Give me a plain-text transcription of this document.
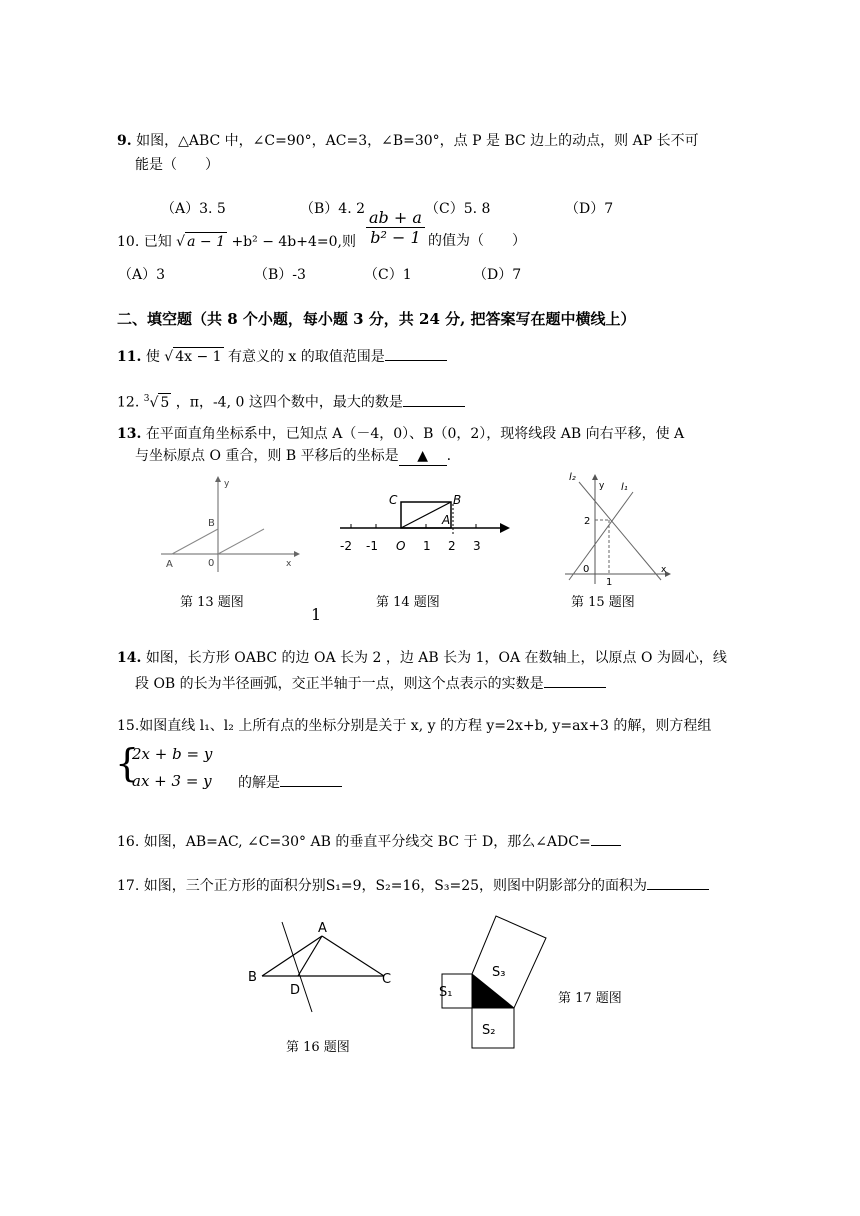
9. 如图，△ABC 中，∠C=90°，AC=3，∠B=30°，点 P 是 BC 边上的动点，则 AP 长不可
能是（　　）
（A）3. 5	（B）4. 2	（C）5. 8	（D）7
10. 已知 √ a − 1 +b² − 4b+4=0,则 $\frac{ab + a}{\text{b² − 1}}$ 的值为（　　）
（A）3	（B）-3	（C）1	（D）7
二、填空题（共 8 个小题，每小题 3 分，共 24 分, 把答案写在题中横线上）
11. 使 √ 4x − 1 有意义的 x 的取值范围是
12. $^3$√ 5 ，π，-4, 0 这四个数中，最大的数是
13. 在平面直角坐标系中，已知点 A（－4，0）、B（0，2），现将线段 AB 向右平移，使 A
与坐标原点 O 重合，则 B 平移后的坐标是 ▲ .
y
x
B
A	0
第 13 题图
1
C	B
A
-2 -1 O 1 2 3
第 14 题图
l₂
l₁
y
x
2
0
1
第 15 题图
14. 如图，长方形 OABC 的边 OA 长为 2 ，边 AB 长为 1，OA 在数轴上，以原点 O 为圆心，线
段 OB 的长为半径画弧，交正半轴于一点，则这个点表示的实数是
15.如图直线 l₁、l₂ 上所有点的坐标分别是关于 x, y 的方程 y=2x+b, y=ax+3 的解，则方程组
{
2x + b = y
ax + 3 = y 的解是
16. 如图，AB=AC, ∠C=30° AB 的垂直平分线交 BC 于 D，那么∠ADC=
17. 如图，三个正方形的面积分别S₁=9，S₂=16，S₃=25，则图中阴影部分的面积为
A
B	C
D
第 16 题图
S₁
S₂
S₃
第 17 题图
